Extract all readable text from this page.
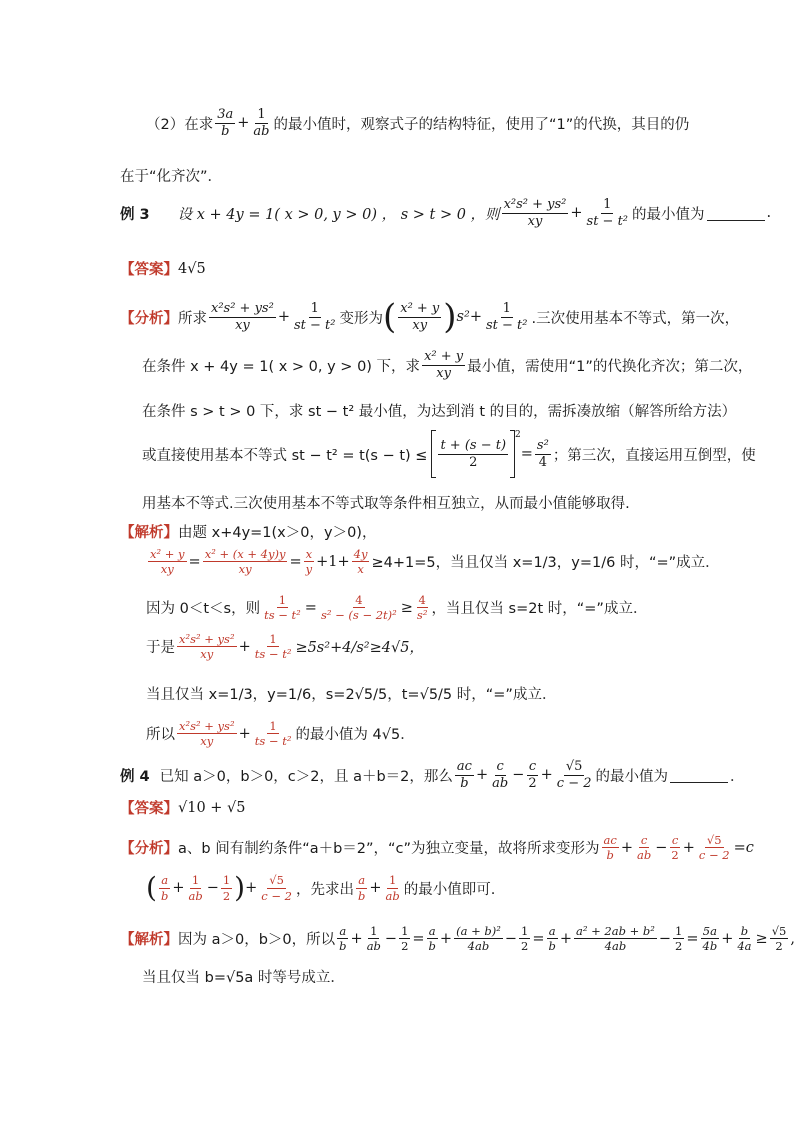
（2）在求 $\frac{3a}{b} + \frac{1}{ab}$ 的最小值时，观察式子的结构特征，使用了“1”的代换，其目的仍
在于“化齐次”．
例 3 设 x + 4y = 1( x > 0, y > 0) ， s > t > 0 ，则 $\frac{\text{x²s² + ys²}}{xy} + \frac{1}{\text{st − t²}}$ 的最小值为	.
【答案】 4√5
【分析】 所求 $\frac{\text{x²s² + ys²}}{xy} + \frac{1}{\text{st − t²}}$ 变形为 ( $\frac{\text{x² + y}}{xy}$ ) $s^2 + \frac{1}{\text{st − t²}}$ .三次使用基本不等式，第一次，
在条件 x + 4y = 1( x > 0, y > 0) 下，求 $\frac{\text{x² + y}}{xy}$ 最小值，需使用“1”的代换化齐次；第二次，
在条件 s > t > 0 下，求 st − t² 最小值，为达到消 t 的目的，需拆凑放缩（解答所给方法）
或直接使用基本不等式 st − $t^2 = t(s - t) \le \frac{t + (s - t)}{2}$
$^2$
= $\frac{\text{s²}}{4}$ ；第三次，直接运用互倒型，使
用基本不等式.三次使用基本不等式取等条件相互独立，从而最小值能够取得.
【解析】 由题 x+4y=1(x＞0，y＞0)，
$\frac{\text{x² + y}}{xy} = \frac{\text{x² + (x + 4y)y}}{xy} = \frac{x}{y} +1+ \frac{4y}{x} \ge 4+1=5$，当且仅当 x=1/3，y=1/6 时，“=”成立．
因为 0＜t＜s，则 $\frac{1}{\text{ts − t²}} = \frac{4}{\text{s² − (s − 2t)²}} \ge \frac{4}{\text{s²}}$ ，当且仅当 s=2t 时，“=”成立．
于是 $\frac{\text{x²s² + ys²}}{xy} + \frac{1}{\text{ts − t²}} \ge 5s^2+4/s^2\ge 4√5$，
当且仅当 x=1/3，y=1/6，s=2√5/5，t=√5/5 时，“=”成立．
所以 $\frac{\text{x²s² + ys²}}{xy} + \frac{1}{\text{ts − t²}}$ 的最小值为 4√5．
例 4 已知 a＞0，b＞0，c＞2，且 a＋b＝2，那么 $\frac{ac}{b} + \frac{c}{ab} - \frac{c}{2} + \frac{√5}{c - 2}$ 的最小值为	．
【答案】 √10 + √5
【分析】 a、b 间有制约条件“a＋b＝2”，“c”为独立变量，故将所求变形为 $\frac{ac}{b} + \frac{c}{ab} - \frac{c}{2} + \frac{√5}{c - 2} =c$
( $\frac{a}{b} + \frac{1}{ab} - \frac{1}{2}$ ) + $\frac{√5}{c - 2}$ ，先求出 $\frac{a}{b} + \frac{1}{ab}$ 的最小值即可.
【解析】 因为 a＞0，b＞0，所以 $\frac{a}{b} + \frac{1}{ab} - \frac{1}{2} = \frac{a}{b} + \frac{\text{(a + b)²}}{4ab} - \frac{1}{2} = \frac{a}{b} + \frac{\text{a² + 2ab + b²}}{4ab} - \frac{1}{2} = \frac{5a}{4b} + \frac{b}{4a} \ge \frac{√5}{2}$ ,
当且仅当 b=√5a 时等号成立．
